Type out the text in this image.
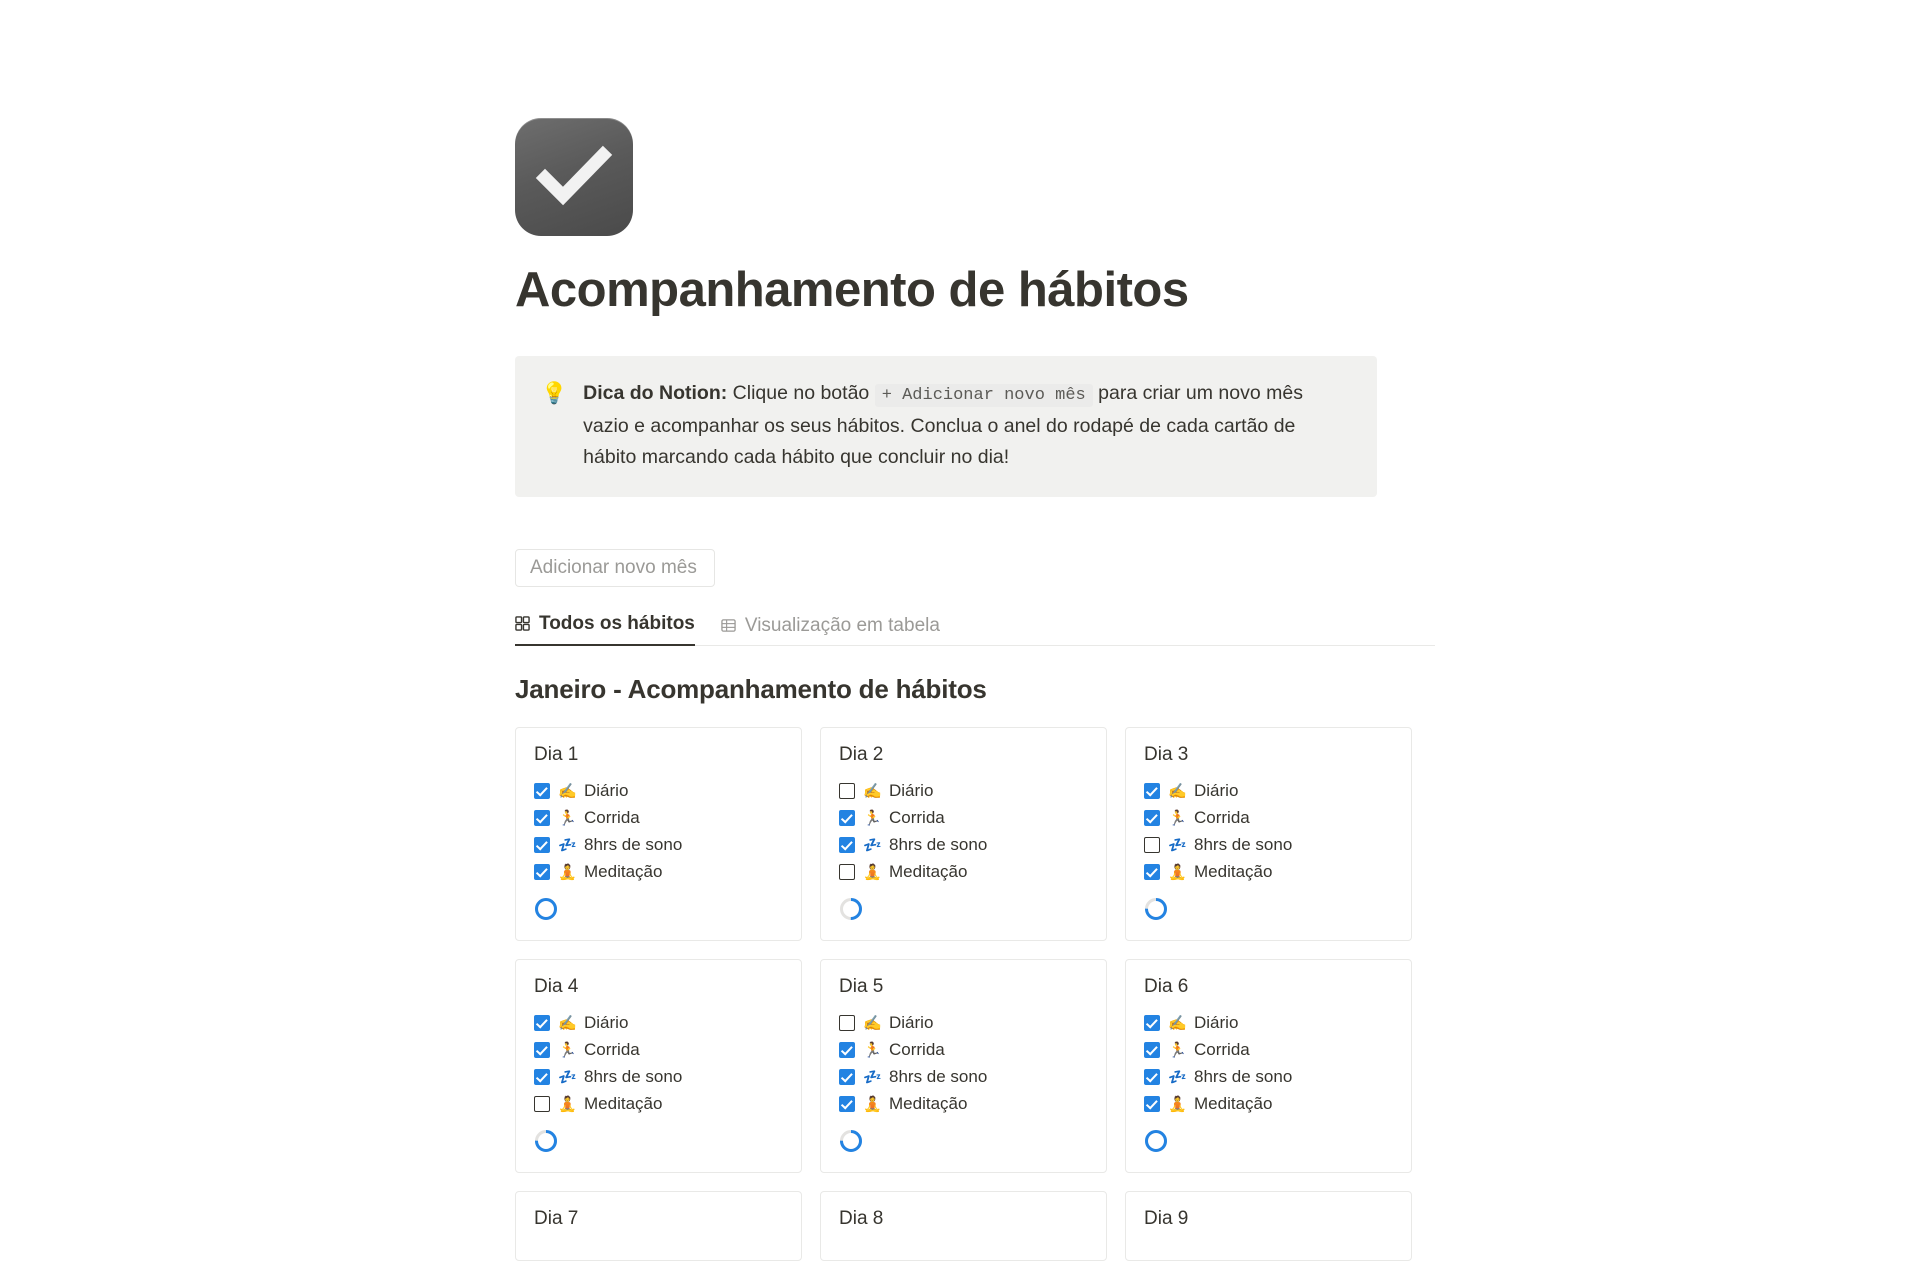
Acompanhamento de hábitos
💡 Dica do Notion: Clique no botão + Adicionar novo mês para criar um novo mês vazio e acompanhar os seus hábitos. Conclua o anel do rodapé de cada cartão de hábito marcando cada hábito que concluir no dia!
Adicionar novo mês
Todos os hábitos	Visualização em tabela
Janeiro - Acompanhamento de hábitos
Dia 1
✍️ Diário
🏃 Corrida
💤 8hrs de sono
🧘 Meditação
Dia 2
✍️ Diário
🏃 Corrida
💤 8hrs de sono
🧘 Meditação
Dia 3
✍️ Diário
🏃 Corrida
💤 8hrs de sono
🧘 Meditação
Dia 4
✍️ Diário
🏃 Corrida
💤 8hrs de sono
🧘 Meditação
Dia 5
✍️ Diário
🏃 Corrida
💤 8hrs de sono
🧘 Meditação
Dia 6
✍️ Diário
🏃 Corrida
💤 8hrs de sono
🧘 Meditação
Dia 7	Dia 8	Dia 9
